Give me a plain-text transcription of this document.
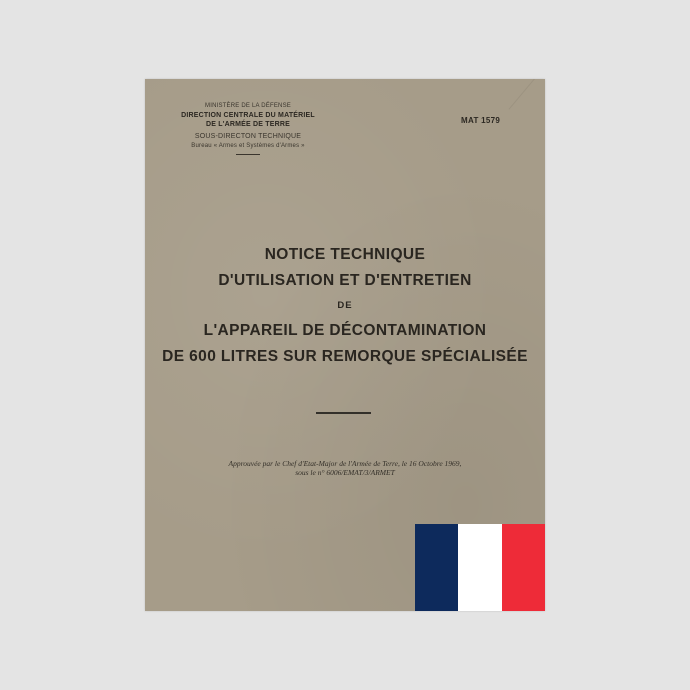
MINISTÈRE DE LA DÉFENSE
DIRECTION CENTRALE DU MATÉRIEL
DE L'ARMÉE DE TERRE
SOUS-DIRECTON TECHNIQUE
Bureau « Armes et Systèmes d'Armes »
MAT 1579
NOTICE TECHNIQUE
D'UTILISATION ET D'ENTRETIEN
DE
L'APPAREIL DE DÉCONTAMINATION
DE 600 LITRES SUR REMORQUE SPÉCIALISÉE
Approuvée par le Chef d'Etat-Major de l'Armée de Terre, le 16 Octobre 1969,
sous le n° 6006/EMAT/3/ARMET
